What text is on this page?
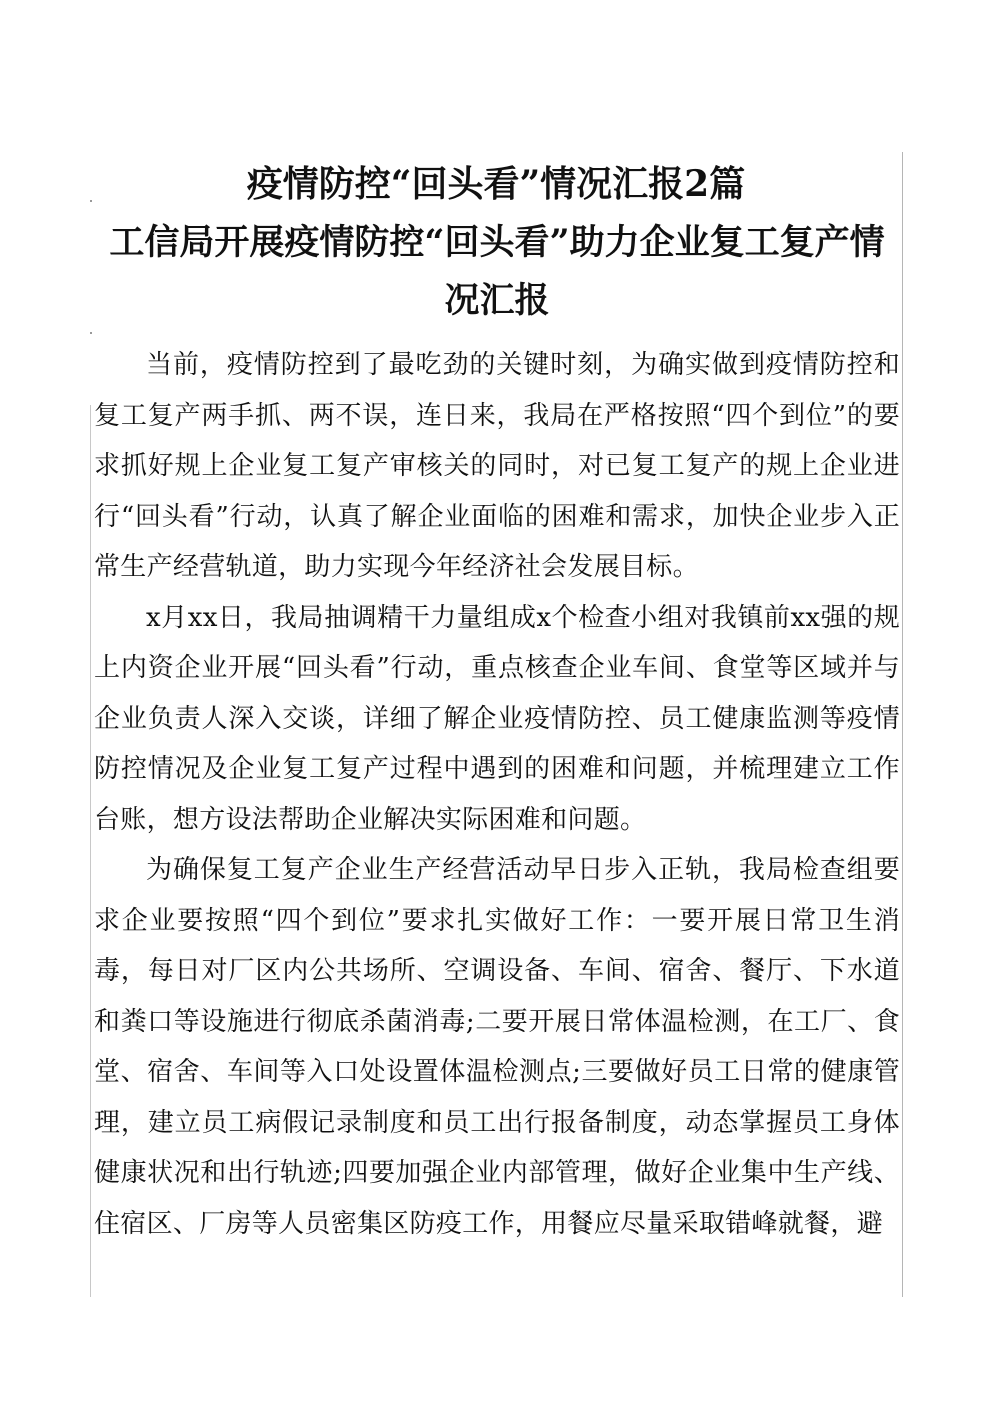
疫情防控“回头看”情况汇报2篇
工信局开展疫情防控“回头看”助力企业复工复产情况汇报

当前，疫情防控到了最吃劲的关键时刻，为确实做到疫情防控和复工复产两手抓、两不误，连日来，我局在严格按照“四个到位”的要求抓好规上企业复工复产审核关的同时，对已复工复产的规上企业进行“回头看”行动，认真了解企业面临的困难和需求，加快企业步入正常生产经营轨道，助力实现今年经济社会发展目标。

x月xx日，我局抽调精干力量组成x个检查小组对我镇前xx强的规上内资企业开展“回头看”行动，重点核查企业车间、食堂等区域并与企业负责人深入交谈，详细了解企业疫情防控、员工健康监测等疫情防控情况及企业复工复产过程中遇到的困难和问题，并梳理建立工作台账，想方设法帮助企业解决实际困难和问题。

为确保复工复产企业生产经营活动早日步入正轨，我局检查组要求企业要按照“四个到位”要求扎实做好工作：一要开展日常卫生消毒，每日对厂区内公共场所、空调设备、车间、宿舍、餐厅、下水道和粪口等设施进行彻底杀菌消毒;二要开展日常体温检测，在工厂、食堂、宿舍、车间等入口处设置体温检测点;三要做好员工日常的健康管理，建立员工病假记录制度和员工出行报备制度，动态掌握员工身体健康状况和出行轨迹;四要加强企业内部管理，做好企业集中生产线、住宿区、厂房等人员密集区防疫工作，用餐应尽量采取错峰就餐，避
